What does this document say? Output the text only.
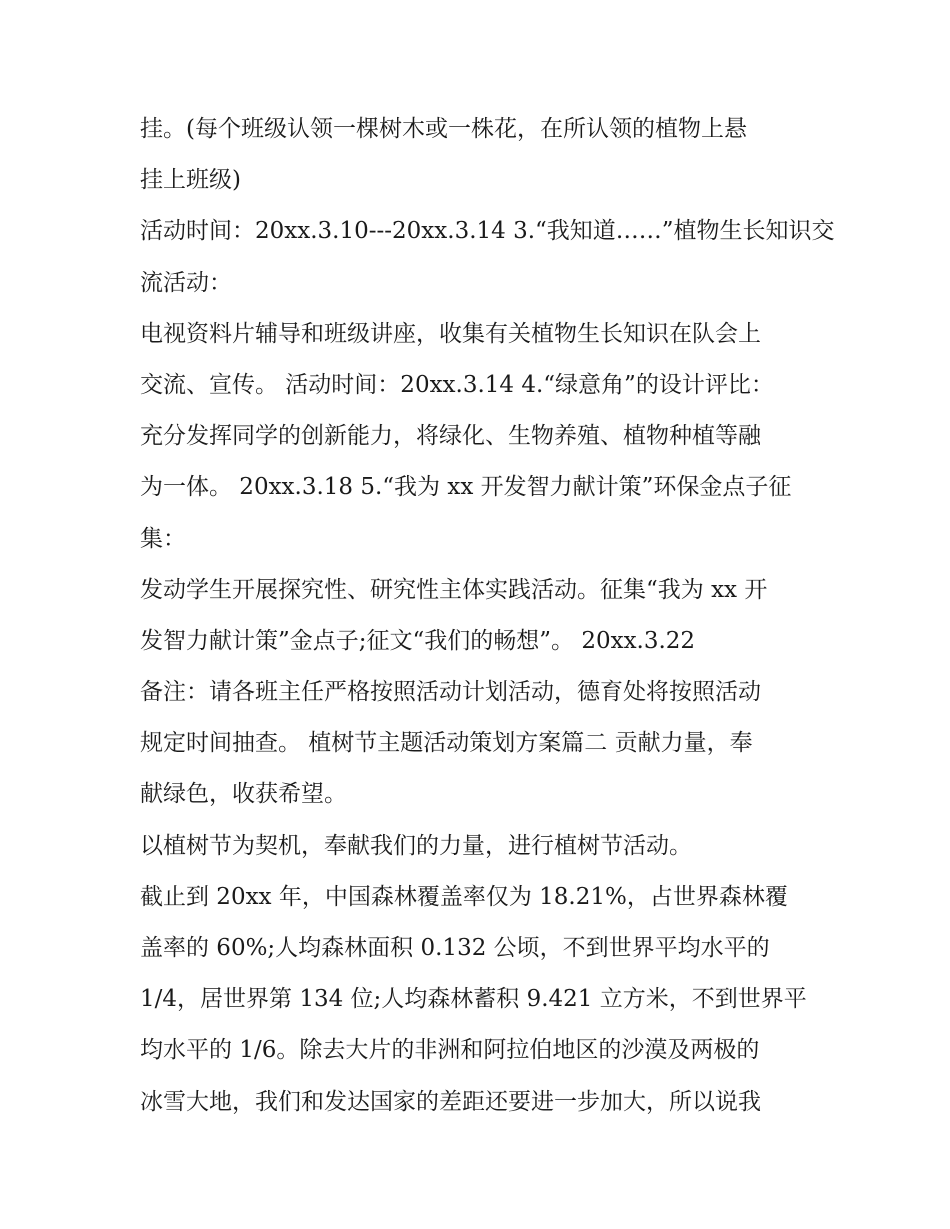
挂。(每个班级认领一棵树木或一株花，在所认领的植物上悬
挂上班级)
活动时间：20xx.3.10---20xx.3.14 3.“我知道……”植物生长知识交
流活动：
电视资料片辅导和班级讲座，收集有关植物生长知识在队会上
交流、宣传。 活动时间：20xx.3.14 4.“绿意角”的设计评比：
充分发挥同学的创新能力，将绿化、生物养殖、植物种植等融
为一体。 20xx.3.18 5.“我为 xx 开发智力献计策”环保金点子征
集：
发动学生开展探究性、研究性主体实践活动。征集“我为 xx 开
发智力献计策”金点子;征文“我们的畅想”。 20xx.3.22
备注：请各班主任严格按照活动计划活动，德育处将按照活动
规定时间抽查。 植树节主题活动策划方案篇二 贡献力量，奉
献绿色，收获希望。
以植树节为契机，奉献我们的力量，进行植树节活动。
截止到 20xx 年，中国森林覆盖率仅为 18.21%，占世界森林覆
盖率的 60%;人均森林面积 0.132 公顷，不到世界平均水平的
1/4，居世界第 134 位;人均森林蓄积 9.421 立方米，不到世界平
均水平的 1/6。除去大片的非洲和阿拉伯地区的沙漠及两极的
冰雪大地，我们和发达国家的差距还要进一步加大，所以说我
